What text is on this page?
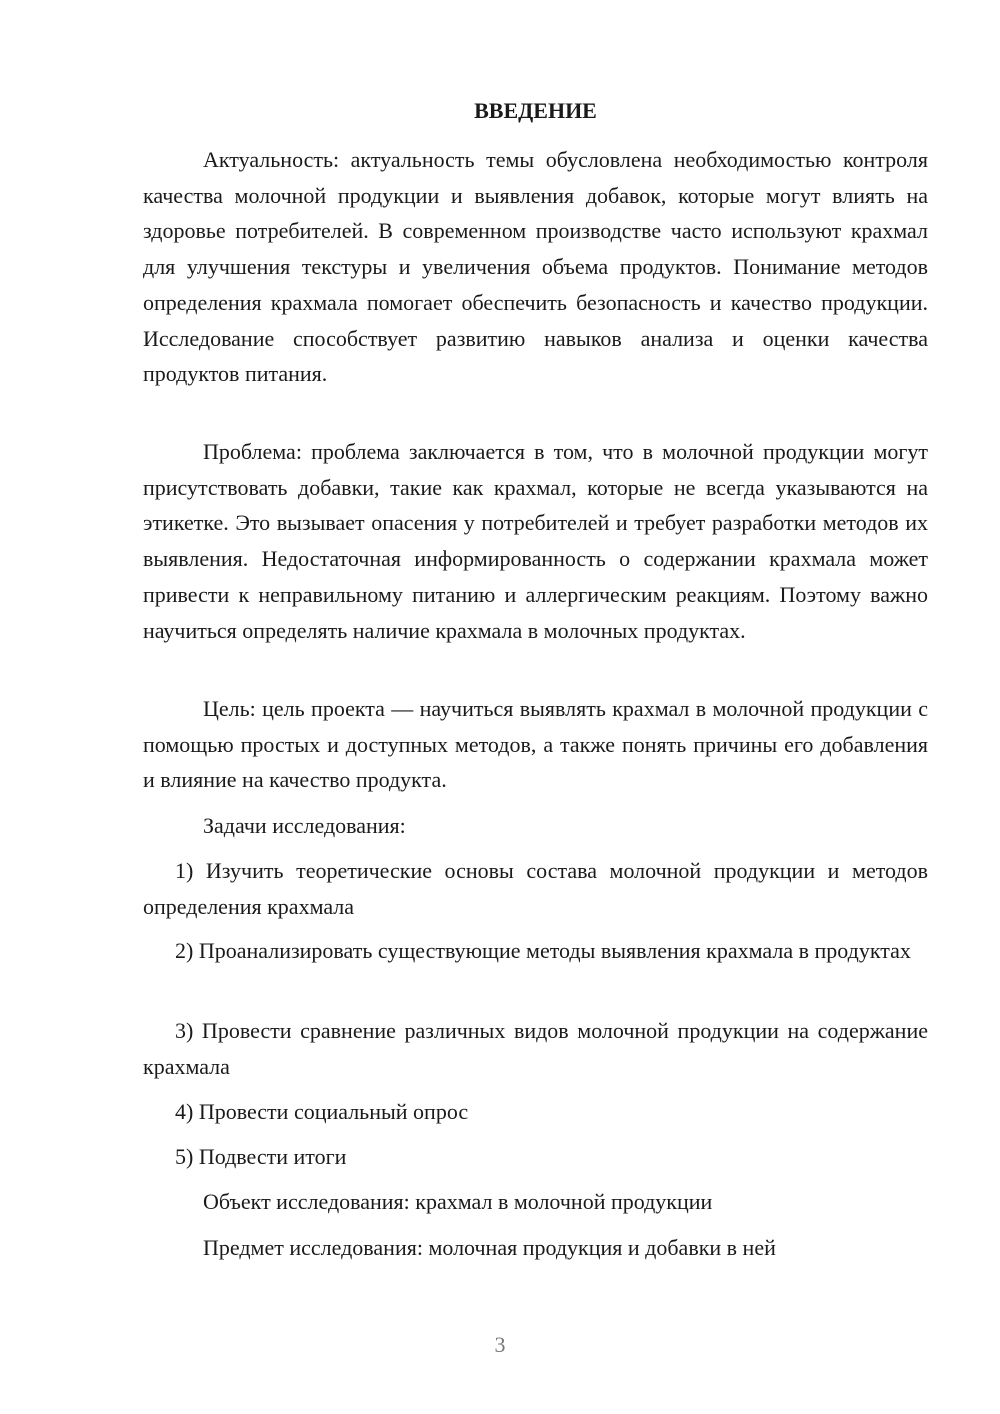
ВВЕДЕНИЕ

Актуальность: актуальность темы обусловлена необходимостью контроля качества молочной продукции и выявления добавок, которые могут влиять на здоровье потребителей. В современном производстве часто используют крахмал для улучшения текстуры и увеличения объема продуктов. Понимание методов определения крахмала помогает обеспечить безопасность и качество продукции. Исследование способствует развитию навыков анализа и оценки качества продуктов питания.

Проблема: проблема заключается в том, что в молочной продукции могут присутствовать добавки, такие как крахмал, которые не всегда указываются на этикетке. Это вызывает опасения у потребителей и требует разработки методов их выявления. Недостаточная информированность о содержании крахмала может привести к неправильному питанию и аллергическим реакциям. Поэтому важно научиться определять наличие крахмала в молочных продуктах.

Цель: цель проекта — научиться выявлять крахмал в молочной продукции с помощью простых и доступных методов, а также понять причины его добавления и влияние на качество продукта.

Задачи исследования:

1) Изучить теоретические основы состава молочной продукции и методов определения крахмала

2) Проанализировать существующие методы выявления крахмала в продуктах

3) Провести сравнение различных видов молочной продукции на содержание крахмала

4) Провести социальный опрос

5) Подвести итоги

Объект исследования: крахмал в молочной продукции

Предмет исследования: молочная продукция и добавки в ней

3
